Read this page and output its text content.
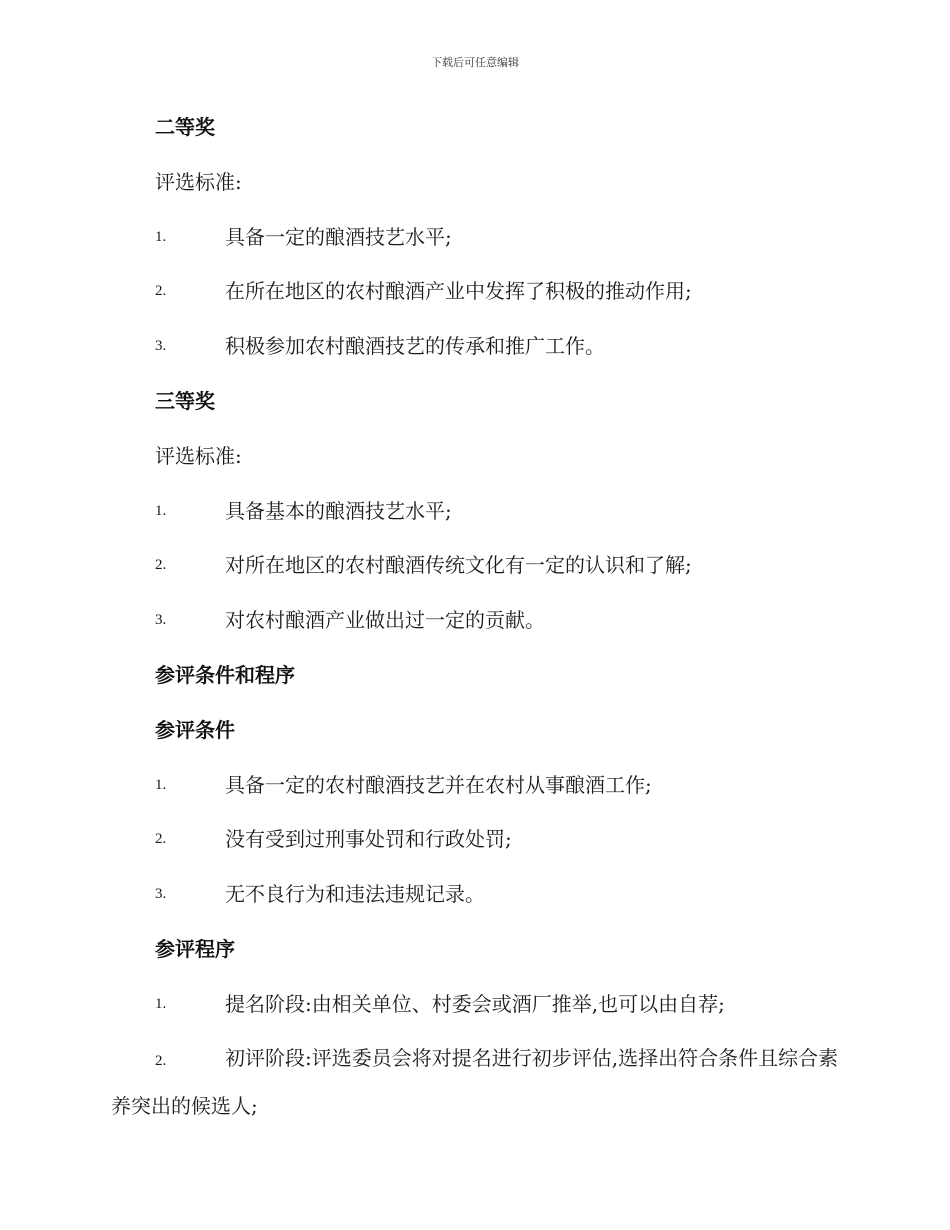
下载后可任意编辑
二等奖
评选标准:
1.	具备一定的酿酒技艺水平;
2.	在所在地区的农村酿酒产业中发挥了积极的推动作用;
3.	积极参加农村酿酒技艺的传承和推广工作。
三等奖
评选标准:
1.	具备基本的酿酒技艺水平;
2.	对所在地区的农村酿酒传统文化有一定的认识和了解;
3.	对农村酿酒产业做出过一定的贡献。
参评条件和程序
参评条件
1.	具备一定的农村酿酒技艺并在农村从事酿酒工作;
2.	没有受到过刑事处罚和行政处罚;
3.	无不良行为和违法违规记录。
参评程序
1.	提名阶段:由相关单位、村委会或酒厂推举,也可以由自荐;
2.	初评阶段:评选委员会将对提名进行初步评估,选择出符合条件且综合素养突出的候选人;
